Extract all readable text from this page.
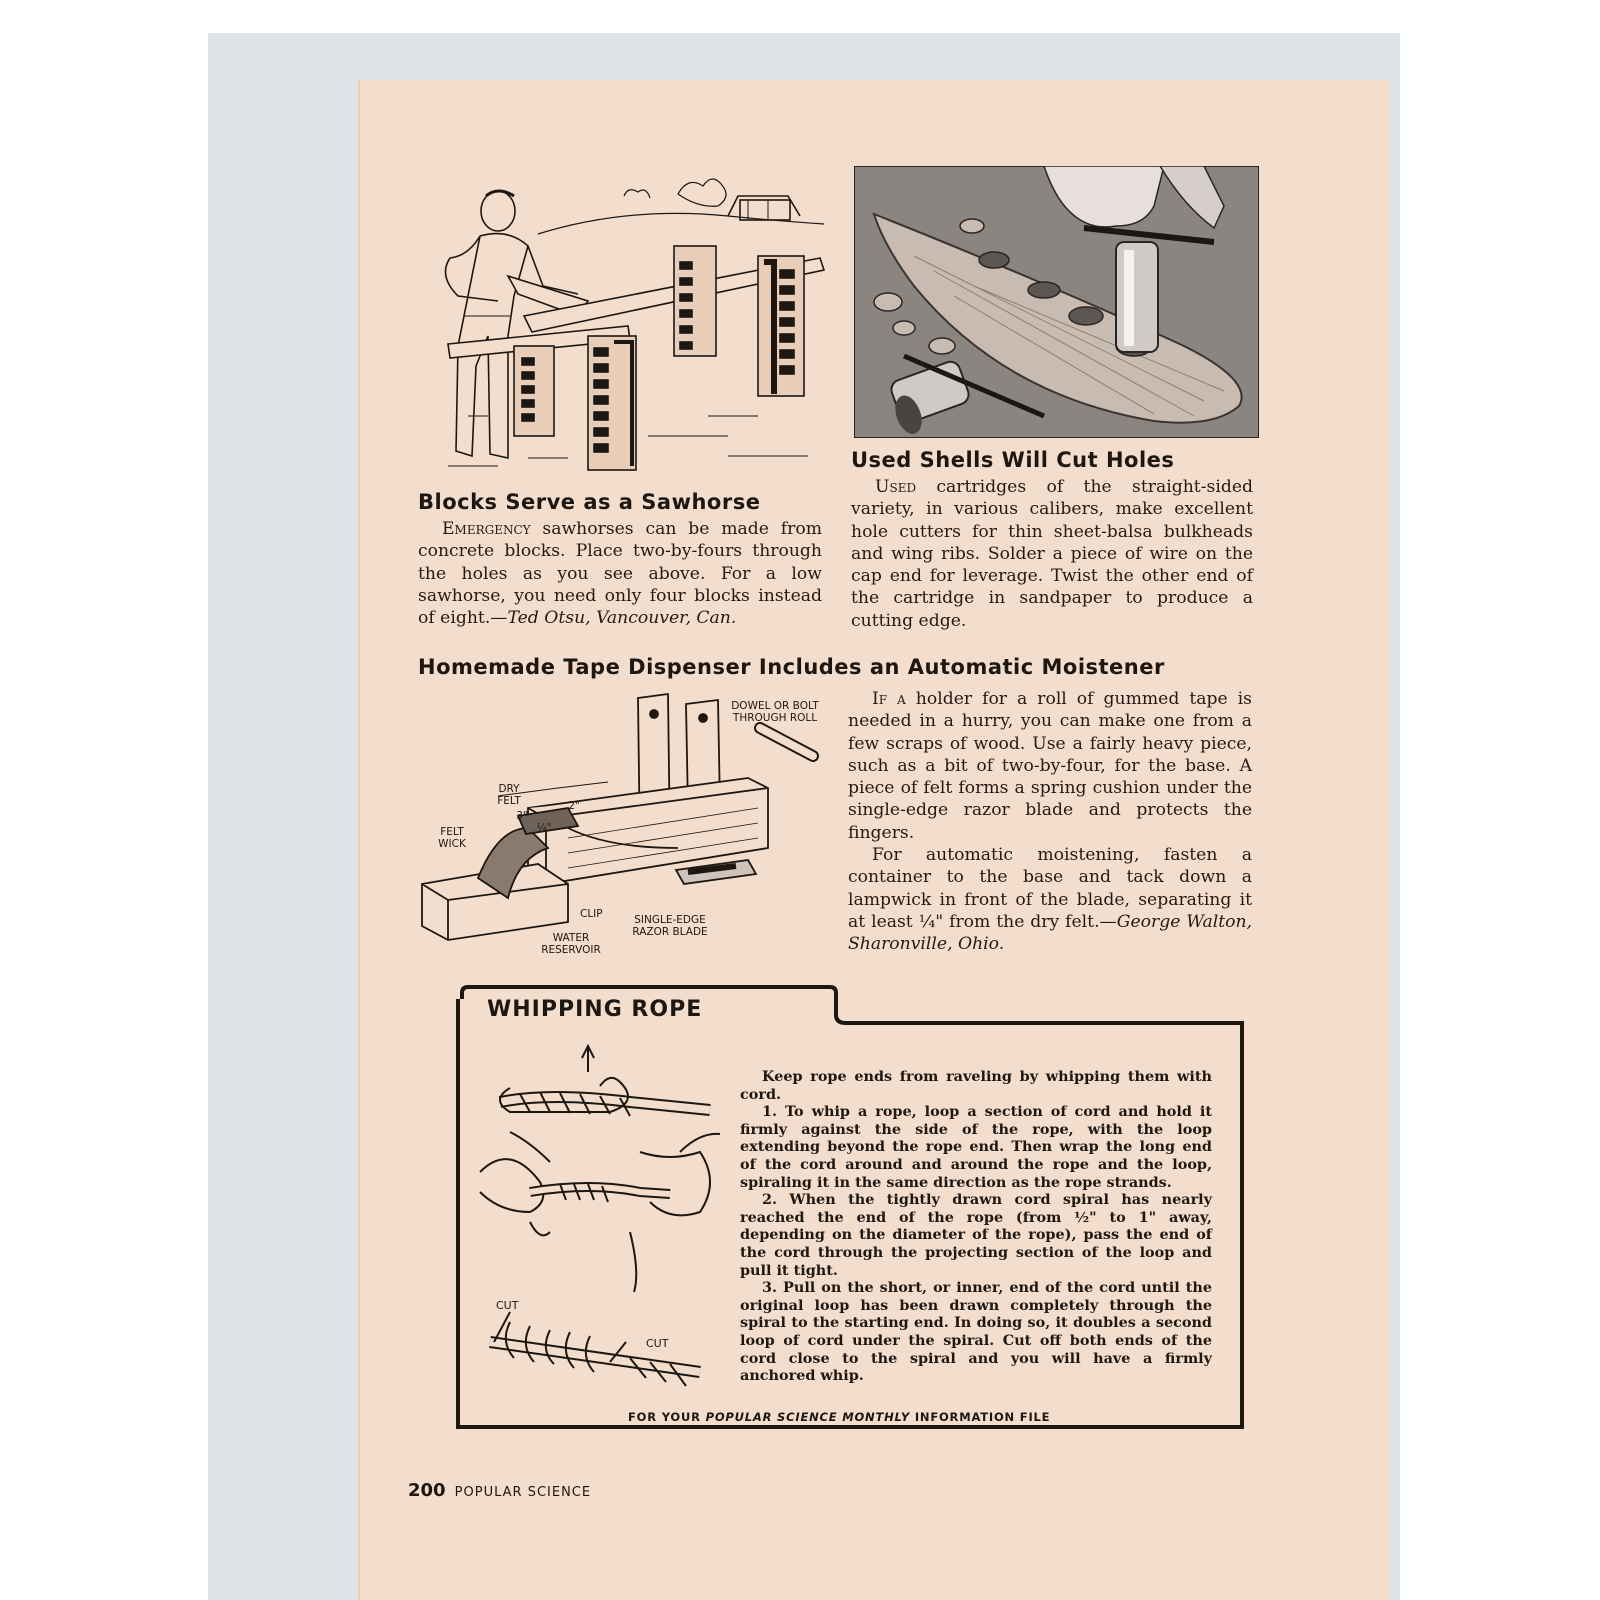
Blocks Serve as a Sawhorse

Emergency sawhorses can be made from concrete blocks. Place two-by-fours through the holes as you see above. For a low sawhorse, you need only four blocks instead of eight.—Ted Otsu, Vancouver, Can.

Used Shells Will Cut Holes

Used cartridges of the straight-sided variety, in various calibers, make excellent hole cutters for thin sheet-balsa bulkheads and wing ribs. Solder a piece of wire on the cap end for leverage. Twist the other end of the cartridge in sandpaper to produce a cutting edge.

Homemade Tape Dispenser Includes an Automatic Moistener
DOWEL OR BOLT THROUGH ROLL
DRY FELT
3"
2"
¼"
FELT WICK
CLIP	SINGLE-EDGE RAZOR BLADE
WATER RESERVOIR

If a holder for a roll of gummed tape is needed in a hurry, you can make one from a few scraps of wood. Use a fairly heavy piece, such as a bit of two-by-four, for the base. A piece of felt forms a spring cushion under the single-edge razor blade and protects the fingers.

For automatic moistening, fasten a container to the base and tack down a lampwick in front of the blade, separating it at least ¼" from the dry felt.—George Walton, Sharonville, Ohio.

WHIPPING ROPE
CUT
CUT

Keep rope ends from raveling by whipping them with cord.

1. To whip a rope, loop a section of cord and hold it firmly against the side of the rope, with the loop extending beyond the rope end. Then wrap the long end of the cord around and around the rope and the loop, spiraling it in the same direction as the rope strands.

2. When the tightly drawn cord spiral has nearly reached the end of the rope (from ½" to 1" away, depending on the diameter of the rope), pass the end of the cord through the projecting section of the loop and pull it tight.

3. Pull on the short, or inner, end of the cord until the original loop has been drawn completely through the spiral to the starting end. In doing so, it doubles a second loop of cord under the spiral. Cut off both ends of the cord close to the spiral and you will have a firmly anchored whip.

FOR YOUR POPULAR SCIENCE MONTHLY INFORMATION FILE
200 POPULAR SCIENCE
